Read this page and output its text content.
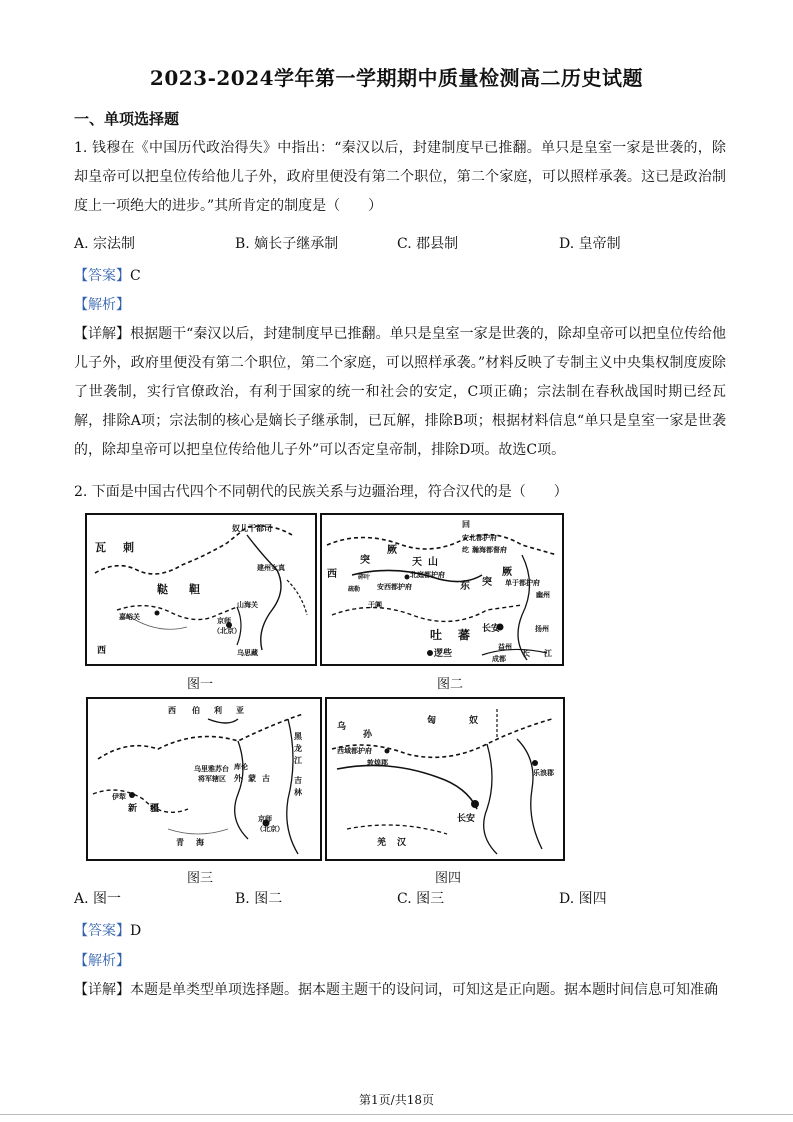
2023-2024学年第一学期期中质量检测高二历史试题
一、单项选择题

1. 钱穆在《中国历代政治得失》中指出：“秦汉以后，封建制度早已推翻。单只是皇室一家是世袭的，除却皇帝可以把皇位传给他儿子外，政府里便没有第二个职位，第二个家庭，可以照样承袭。这已是政治制度上一项绝大的进步。”其所肯定的制度是（　　）

A. 宗法制	B. 嫡长子继承制	C. 郡县制	D. 皇帝制
【答案】C
【解析】

【详解】根据题干“秦汉以后，封建制度早已推翻。单只是皇室一家是世袭的，除却皇帝可以把皇位传给他儿子外，政府里便没有第二个职位，第二个家庭，可以照样承袭。”材料反映了专制主义中央集权制度废除了世袭制，实行官僚政治，有利于国家的统一和社会的安定，C项正确；宗法制在春秋战国时期已经瓦解，排除A项；宗法制的核心是嫡长子继承制，已瓦解，排除B项；根据材料信息“单只是皇室一家是世袭的，除却皇帝可以把皇位传给他儿子外”可以否定皇帝制，排除D项。故选C项。

2. 下面是中国古代四个不同朝代的民族关系与边疆治理，符合汉代的是（　　）

奴儿干都司
瓦 刺
鞑 靼
建州女真
山海关
嘉峪关	京师
（北京）
西	乌思藏
图一
回
安北都护府
纥 瀚海都督府
西
突
厥
天 山
东 突
厥
北庭都护府
安西都护府	单于都护府
碎叶
疏勒
幽州
于阗
吐 蕃 长安	扬州
逻些	成都
益州
长 江
图二
西 伯 利 亚
乌里雅苏台
将军辖区 外 蒙 古
库伦
伊犁
新 疆
京师
（北京）
青 海
黑
龙
江
吉
林
图三
乌
孙
匈	奴
西域都护府
敦煌郡
乐浪郡
长安
羌 汉
图四
A. 图一	B. 图二	C. 图三	D. 图四
【答案】D
【解析】

【详解】本题是单类型单项选择题。据本题主题干的设问词，可知这是正向题。据本题时间信息可知准确

第1页/共18页
